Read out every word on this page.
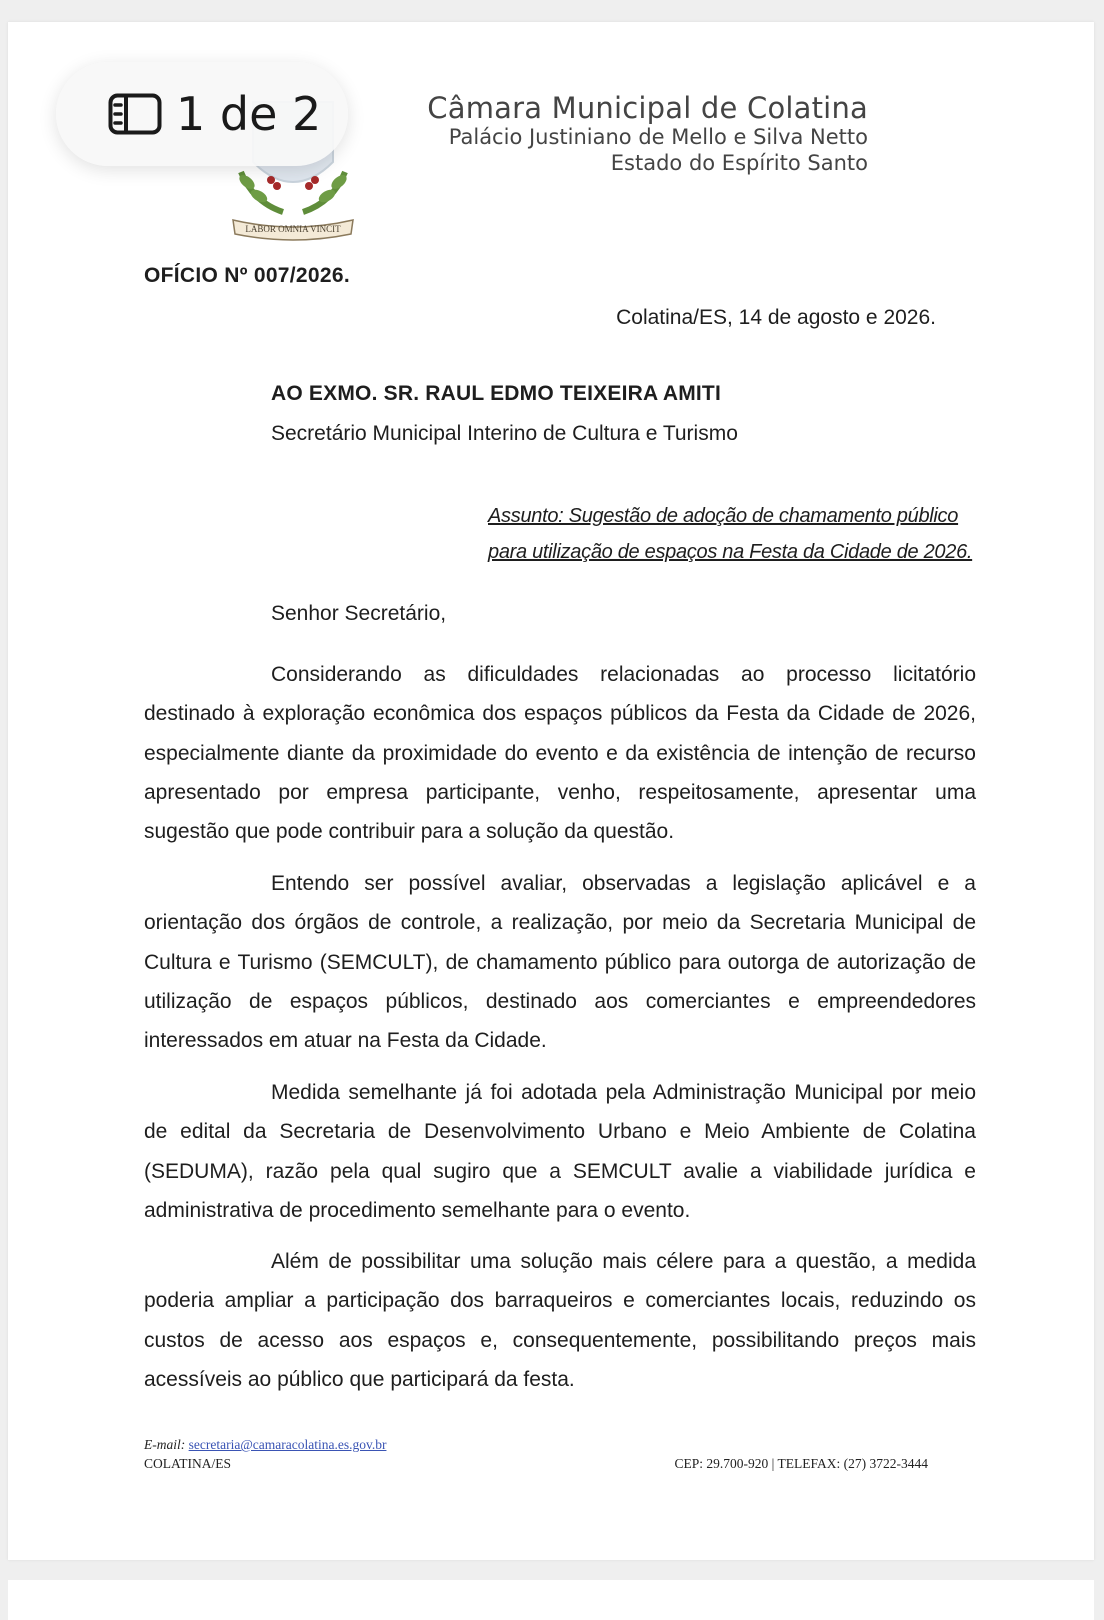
LABOR OMNIA VINCIT
Câmara Municipal de Colatina
Palácio Justiniano de Mello e Silva Netto
Estado do Espírito Santo
OFÍCIO Nº 007/2026.
Colatina/ES, 14 de agosto e 2026.
AO EXMO. SR. RAUL EDMO TEIXEIRA AMITI
Secretário Municipal Interino de Cultura e Turismo
Assunto: Sugestão de adoção de chamamento público para utilização de espaços na Festa da Cidade de 2026.
Senhor Secretário,
Considerando as dificuldades relacionadas ao processo licitatório destinado à exploração econômica dos espaços públicos da Festa da Cidade de 2026, especialmente diante da proximidade do evento e da existência de intenção de recurso apresentado por empresa participante, venho, respeitosamente, apresentar uma sugestão que pode contribuir para a solução da questão.
Entendo ser possível avaliar, observadas a legislação aplicável e a orientação dos órgãos de controle, a realização, por meio da Secretaria Municipal de Cultura e Turismo (SEMCULT), de chamamento público para outorga de autorização de utilização de espaços públicos, destinado aos comerciantes e empreendedores interessados em atuar na Festa da Cidade.
Medida semelhante já foi adotada pela Administração Municipal por meio de edital da Secretaria de Desenvolvimento Urbano e Meio Ambiente de Colatina (SEDUMA), razão pela qual sugiro que a SEMCULT avalie a viabilidade jurídica e administrativa de procedimento semelhante para o evento.
Além de possibilitar uma solução mais célere para a questão, a medida poderia ampliar a participação dos barraqueiros e comerciantes locais, reduzindo os custos de acesso aos espaços e, consequentemente, possibilitando preços mais acessíveis ao público que participará da festa.
E-mail: secretaria@camaracolatina.es.gov.br
COLATINA/ES	CEP: 29.700-920 | TELEFAX: (27) 3722-3444
1 de 2
